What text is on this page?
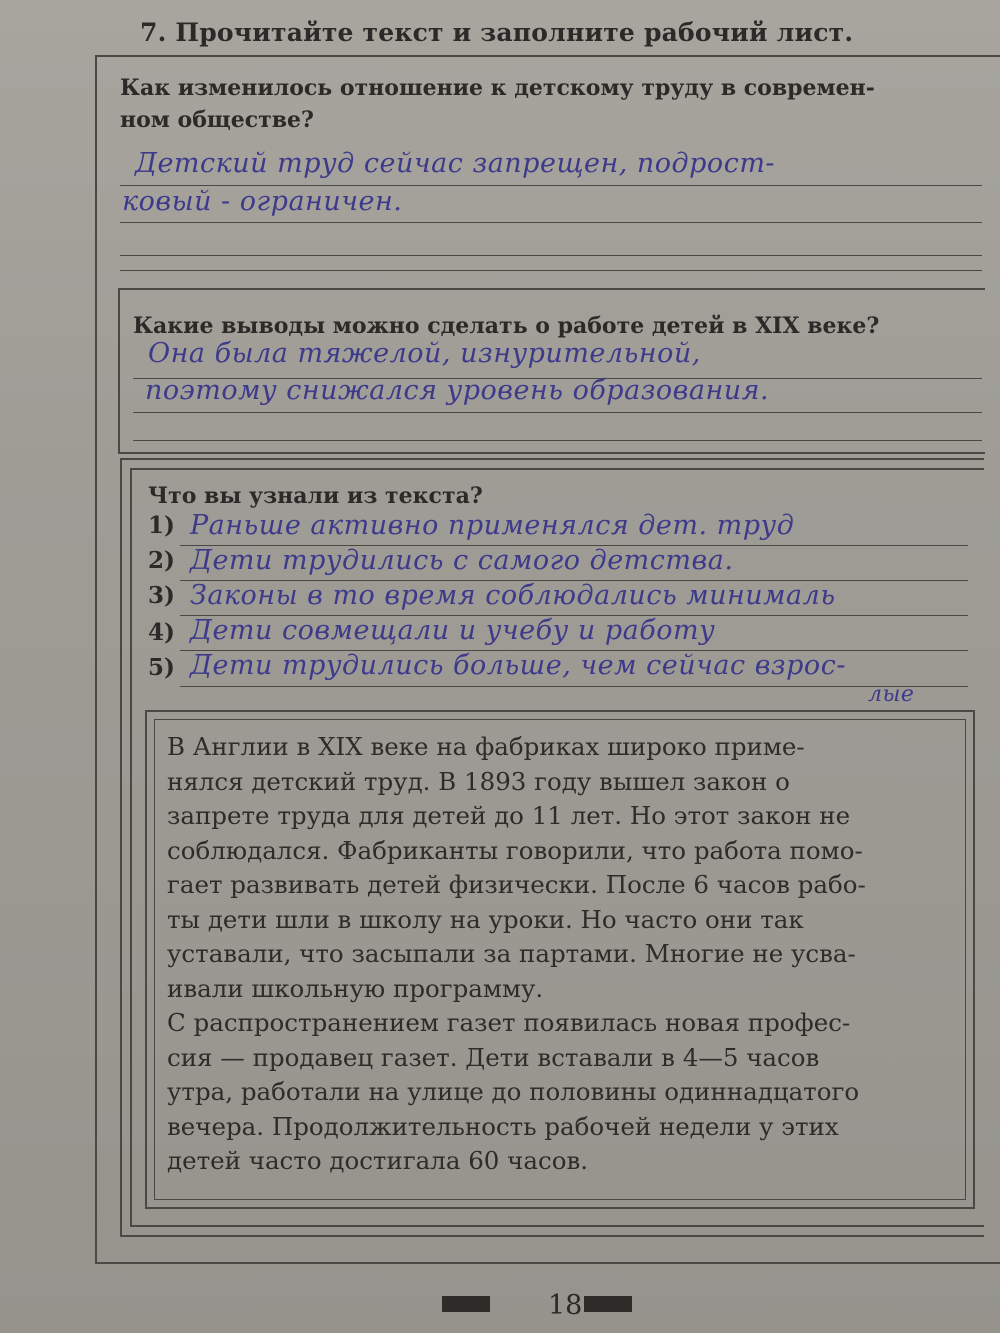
7. Прочитайте текст и заполните рабочий лист.

Как изменилось отношение к детскому труду в современ-

ном обществе?

Детский труд сейчас запрещен, подрост-
ковый - ограничен.

Какие выводы можно сделать о работе детей в XIX веке?

Она была тяжелой, изнурительной,
поэтому снижался уровень образования.

Что вы узнали из текста?

1) Раньше активно применялся дет. труд
2) Дети трудились с самого детства.
3) Законы в то время соблюдались минималь
4) Дети совмещали и учебу и работу
5) Дети трудились больше, чем сейчас взрос-
лые
В Англии в XIX веке на фабриках широко приме-
нялся детский труд. В 1893 году вышел закон о
запрете труда для детей до 11 лет. Но этот закон не
соблюдался. Фабриканты говорили, что работа помо-
гает развивать детей физически. После 6 часов рабо-
ты дети шли в школу на уроки. Но часто они так
уставали, что засыпали за партами. Многие не усва-
ивали школьную программу.
С распространением газет появилась новая профес-
сия — продавец газет. Дети вставали в 4—5 часов
утра, работали на улице до половины одиннадцатого
вечера. Продолжительность рабочей недели у этих
детей часто достигала 60 часов.
18
